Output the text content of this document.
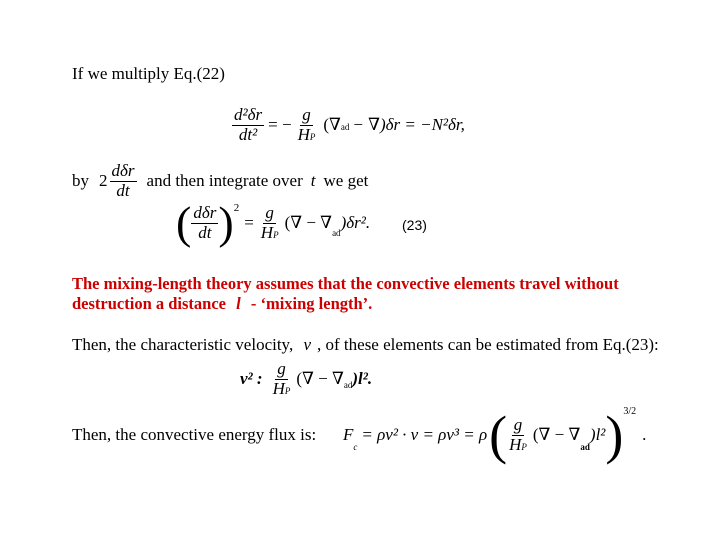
If we multiply Eq.(22)
$\frac{\text{d²δr}}{\text{dt²}}$ = − $\frac{g}{HP} (\nabla ad - \nabla)\delta r = -N^2\delta r$,
by $2 \frac{\text{dδr}}{dt}$ and then integrate over t we get
( $\frac{\text{dδr}}{dt}$ ) 2
= $\frac{g}{HP}$ (∇ − ∇
ad
)δr². (23)
The mixing-length theory assumes that the convective elements travel without
destruction a distance l - ‘mixing length’.
Then, the characteristic velocity, v , of these elements can be estimated from Eq.(23):
v² : $\frac{g}{HP}$ (∇ − ∇ ad )l².
Then, the convective energy flux is: F
c
= ρv² · v = ρv³ = ρ ( $\frac{g}{HP}$ (∇ − ∇
ad
)l² ) 3/2
.
